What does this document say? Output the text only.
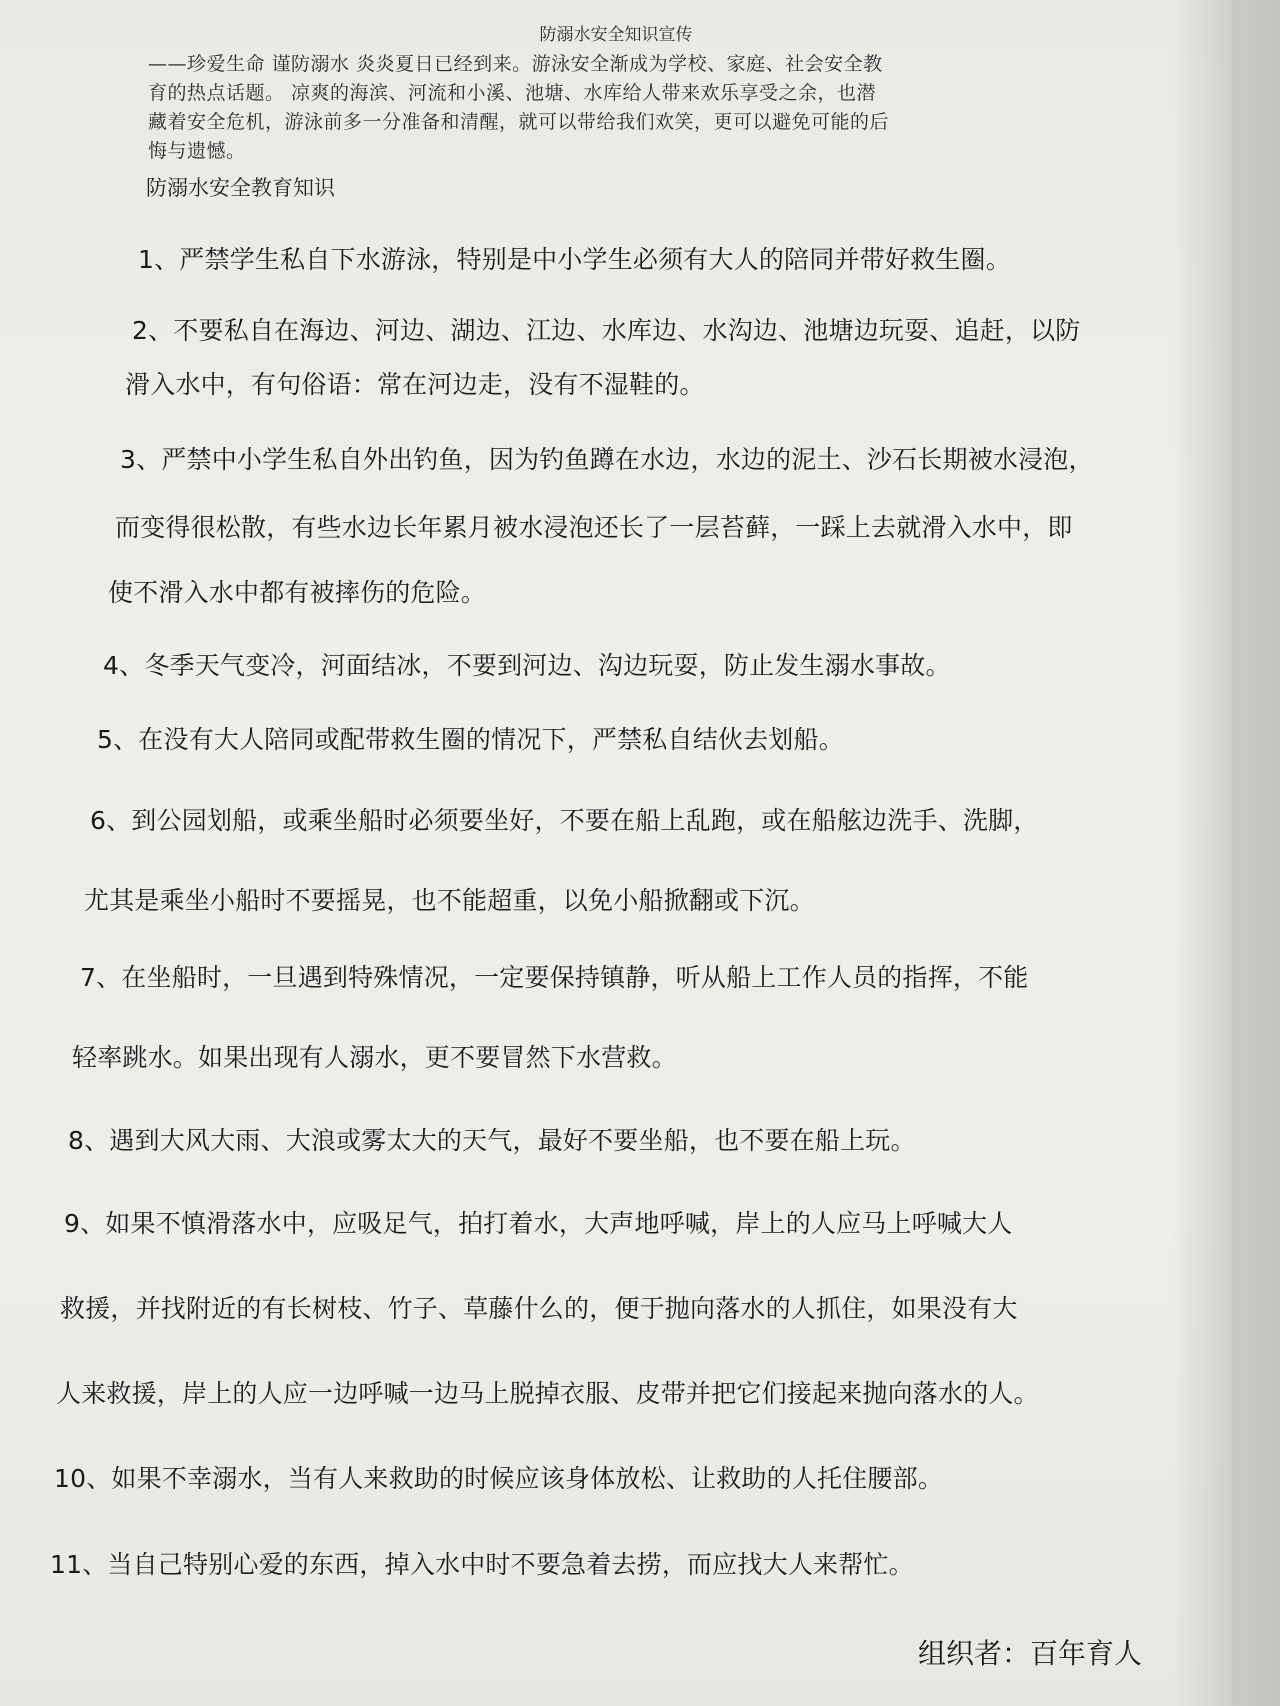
防溺水安全知识宣传
——珍爱生命 谨防溺水 炎炎夏日已经到来。游泳安全渐成为学校、家庭、社会安全教
育的热点话题。 凉爽的海滨、河流和小溪、池塘、水库给人带来欢乐享受之余，也潜
藏着安全危机，游泳前多一分准备和清醒，就可以带给我们欢笑，更可以避免可能的后
悔与遗憾。
防溺水安全教育知识
1、严禁学生私自下水游泳，特别是中小学生必须有大人的陪同并带好救生圈。
2、不要私自在海边、河边、湖边、江边、水库边、水沟边、池塘边玩耍、追赶，以防
滑入水中，有句俗语：常在河边走，没有不湿鞋的。
3、严禁中小学生私自外出钓鱼，因为钓鱼蹲在水边，水边的泥土、沙石长期被水浸泡，
而变得很松散，有些水边长年累月被水浸泡还长了一层苔藓，一踩上去就滑入水中，即
使不滑入水中都有被摔伤的危险。
4、冬季天气变冷，河面结冰，不要到河边、沟边玩耍，防止发生溺水事故。
5、在没有大人陪同或配带救生圈的情况下，严禁私自结伙去划船。
6、到公园划船，或乘坐船时必须要坐好，不要在船上乱跑，或在船舷边洗手、洗脚，
尤其是乘坐小船时不要摇晃，也不能超重，以免小船掀翻或下沉。
7、在坐船时，一旦遇到特殊情况，一定要保持镇静，听从船上工作人员的指挥，不能
轻率跳水。如果出现有人溺水，更不要冒然下水营救。
8、遇到大风大雨、大浪或雾太大的天气，最好不要坐船，也不要在船上玩。
9、如果不慎滑落水中，应吸足气，拍打着水，大声地呼喊，岸上的人应马上呼喊大人
救援，并找附近的有长树枝、竹子、草藤什么的，便于抛向落水的人抓住，如果没有大
人来救援，岸上的人应一边呼喊一边马上脱掉衣服、皮带并把它们接起来抛向落水的人。
10、如果不幸溺水，当有人来救助的时候应该身体放松、让救助的人托住腰部。
11、当自己特别心爱的东西，掉入水中时不要急着去捞，而应找大人来帮忙。
组织者：百年育人
